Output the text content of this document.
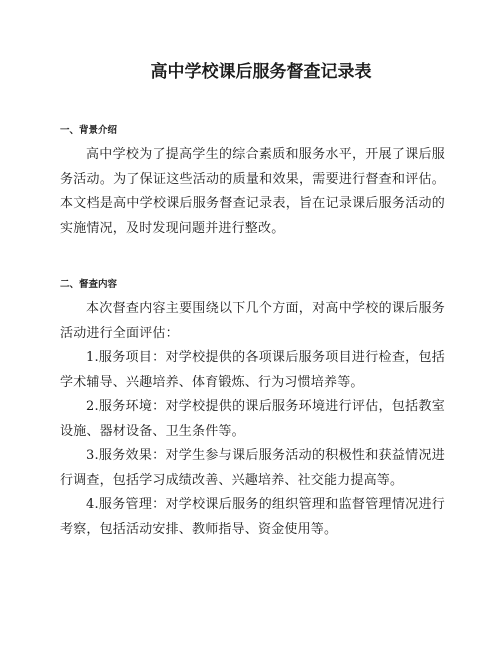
高中学校课后服务督查记录表
一、背景介绍

高中学校为了提高学生的综合素质和服务水平，开展了课后服务活动。为了保证这些活动的质量和效果，需要进行督查和评估。本文档是高中学校课后服务督查记录表，旨在记录课后服务活动的实施情况，及时发现问题并进行整改。

二、督查内容

本次督查内容主要围绕以下几个方面，对高中学校的课后服务活动进行全面评估：

1.服务项目：对学校提供的各项课后服务项目进行检查，包括学术辅导、兴趣培养、体育锻炼、行为习惯培养等。

2.服务环境：对学校提供的课后服务环境进行评估，包括教室设施、器材设备、卫生条件等。

3.服务效果：对学生参与课后服务活动的积极性和获益情况进行调查，包括学习成绩改善、兴趣培养、社交能力提高等。

4.服务管理：对学校课后服务的组织管理和监督管理情况进行考察，包括活动安排、教师指导、资金使用等。
